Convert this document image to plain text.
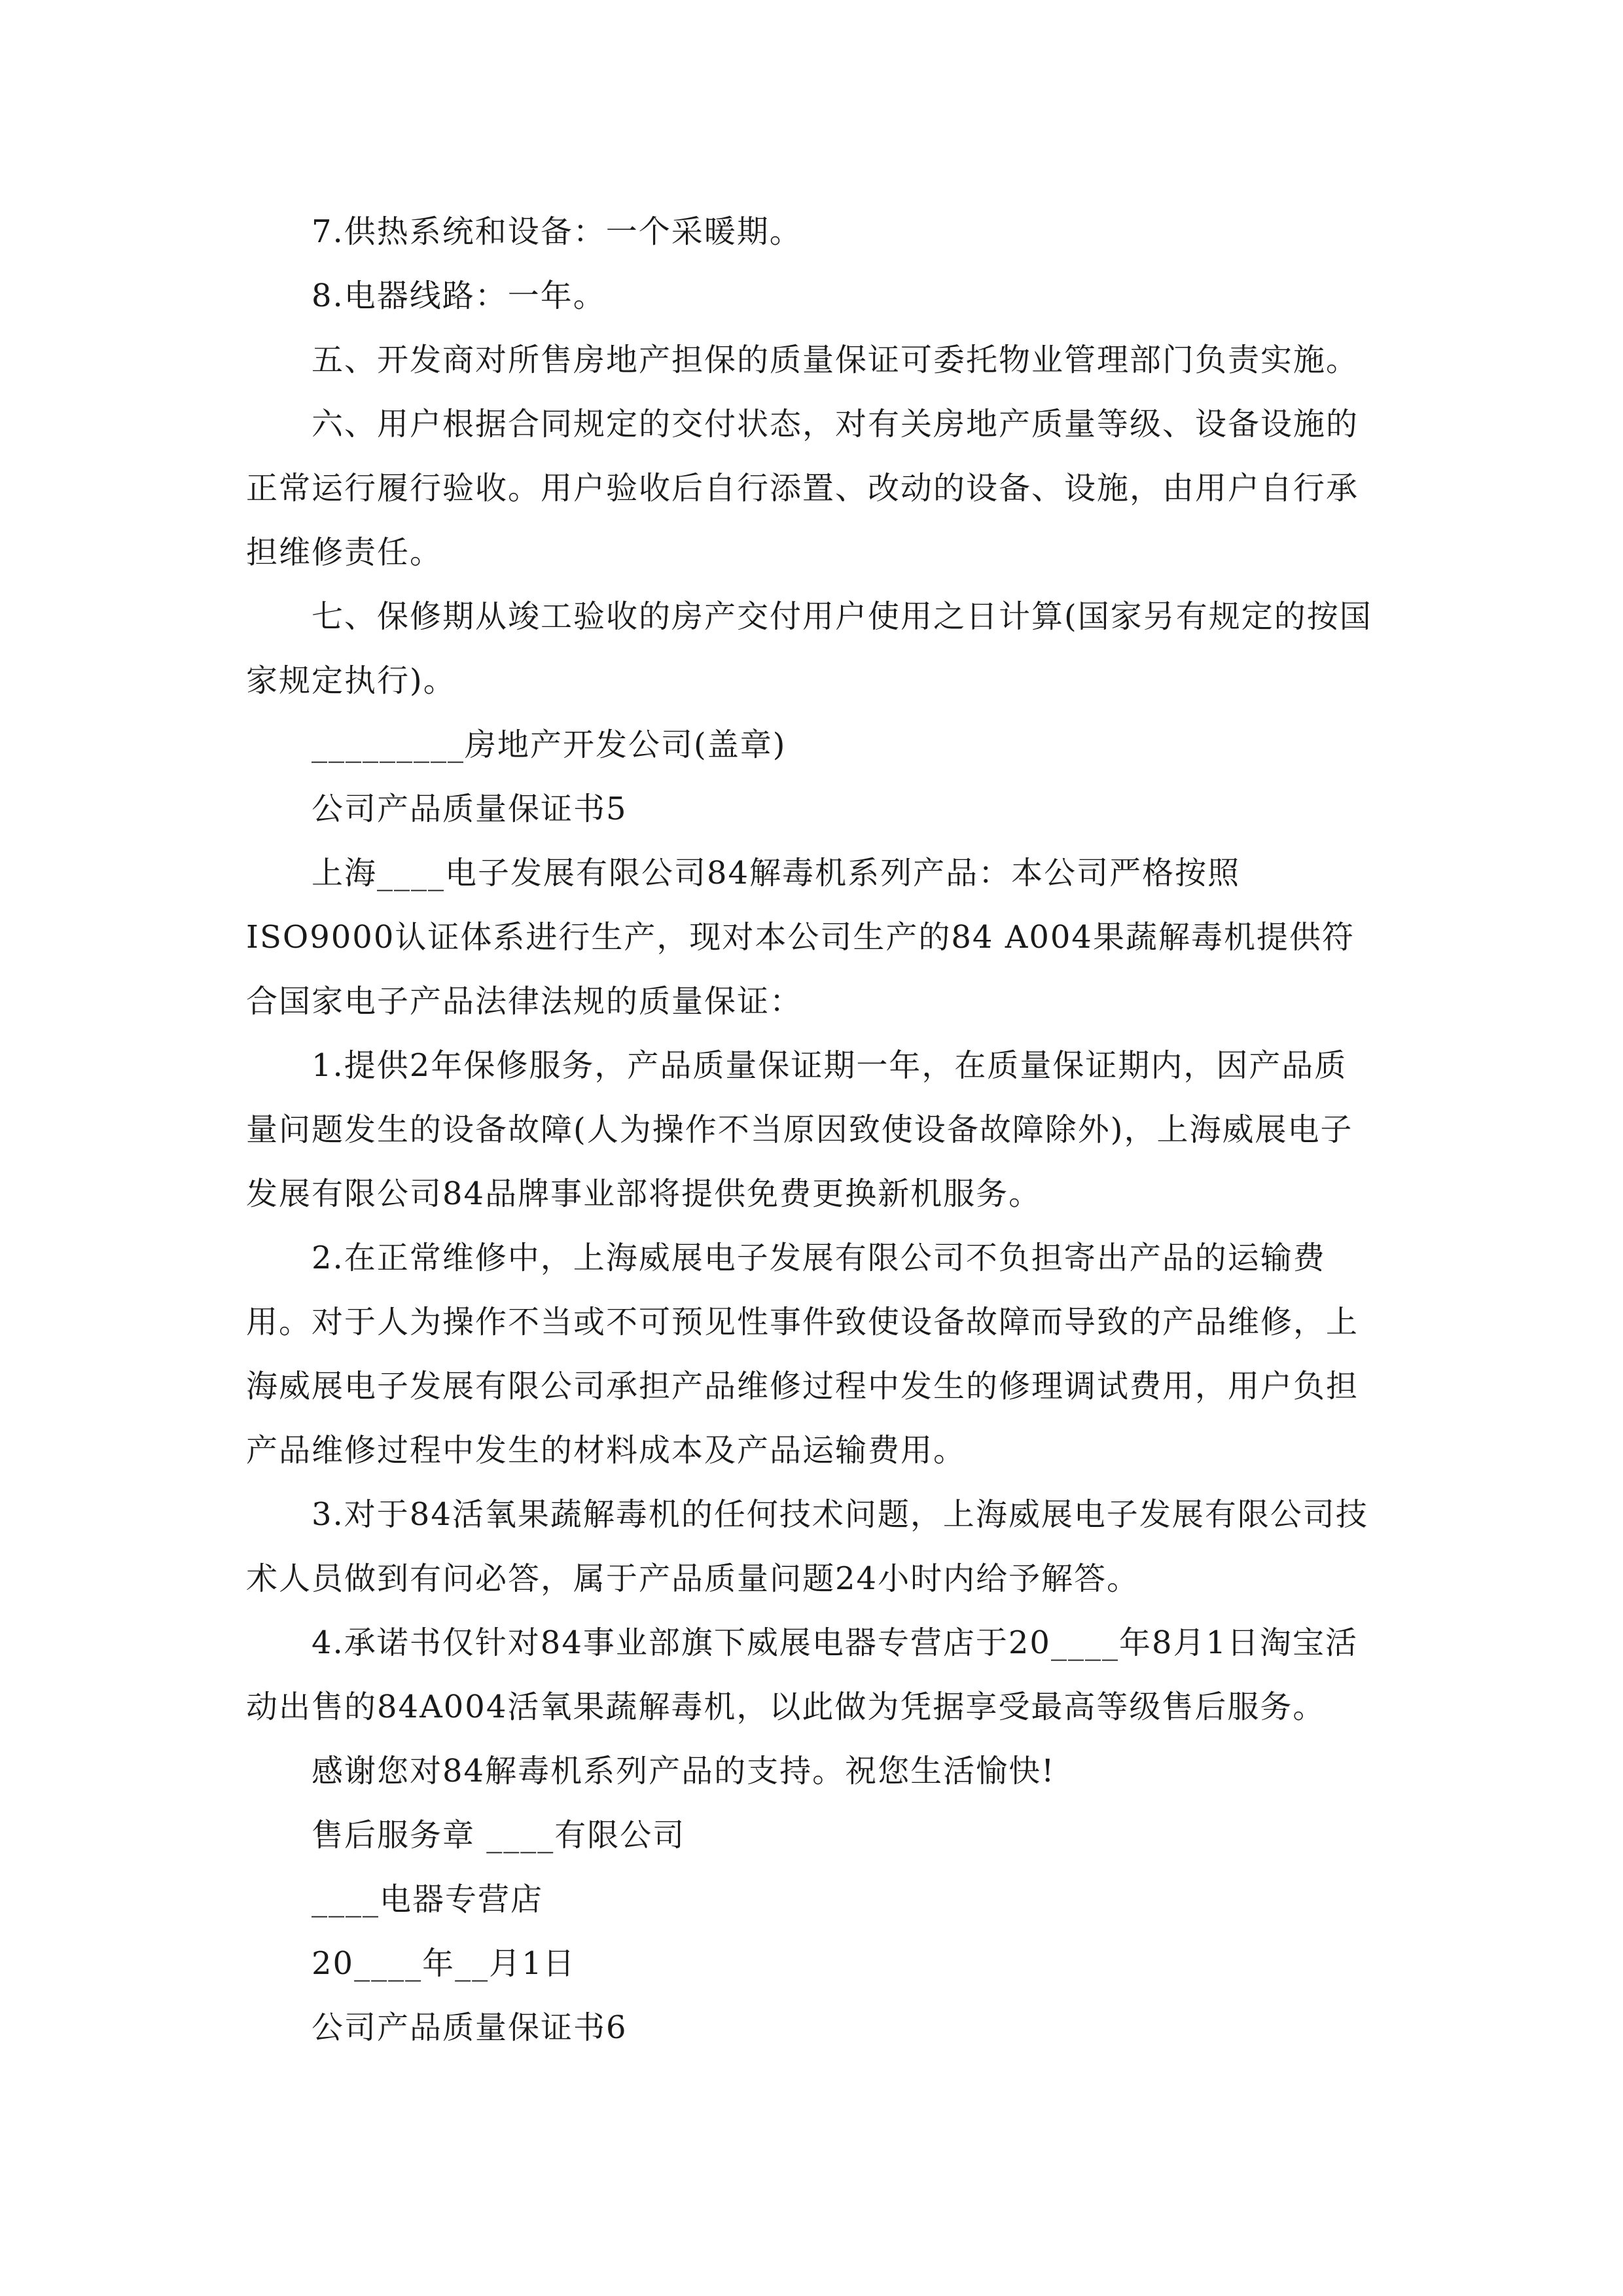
7.供热系统和设备：一个采暖期。

8.电器线路：一年。

五、开发商对所售房地产担保的质量保证可委托物业管理部门负责实施。

六、用户根据合同规定的交付状态，对有关房地产质量等级、设备设施的正常运行履行验收。用户验收后自行添置、改动的设备、设施，由用户自行承担维修责任。

七、保修期从竣工验收的房产交付用户使用之日计算(国家另有规定的按国家规定执行)。

_________房地产开发公司(盖章)

公司产品质量保证书5

上海____电子发展有限公司84解毒机系列产品：本公司严格按照ISO9000认证体系进行生产，现对本公司生产的84 A004果蔬解毒机提供符合国家电子产品法律法规的质量保证：

1.提供2年保修服务，产品质量保证期一年，在质量保证期内，因产品质量问题发生的设备故障(人为操作不当原因致使设备故障除外)，上海威展电子发展有限公司84品牌事业部将提供免费更换新机服务。

2.在正常维修中，上海威展电子发展有限公司不负担寄出产品的运输费用。对于人为操作不当或不可预见性事件致使设备故障而导致的产品维修，上海威展电子发展有限公司承担产品维修过程中发生的修理调试费用，用户负担产品维修过程中发生的材料成本及产品运输费用。

3.对于84活氧果蔬解毒机的任何技术问题，上海威展电子发展有限公司技术人员做到有问必答，属于产品质量问题24小时内给予解答。

4.承诺书仅针对84事业部旗下威展电器专营店于20____年8月1日淘宝活动出售的84A004活氧果蔬解毒机，以此做为凭据享受最高等级售后服务。

感谢您对84解毒机系列产品的支持。祝您生活愉快!

售后服务章 ____有限公司

____电器专营店

20____年__月1日

公司产品质量保证书6
